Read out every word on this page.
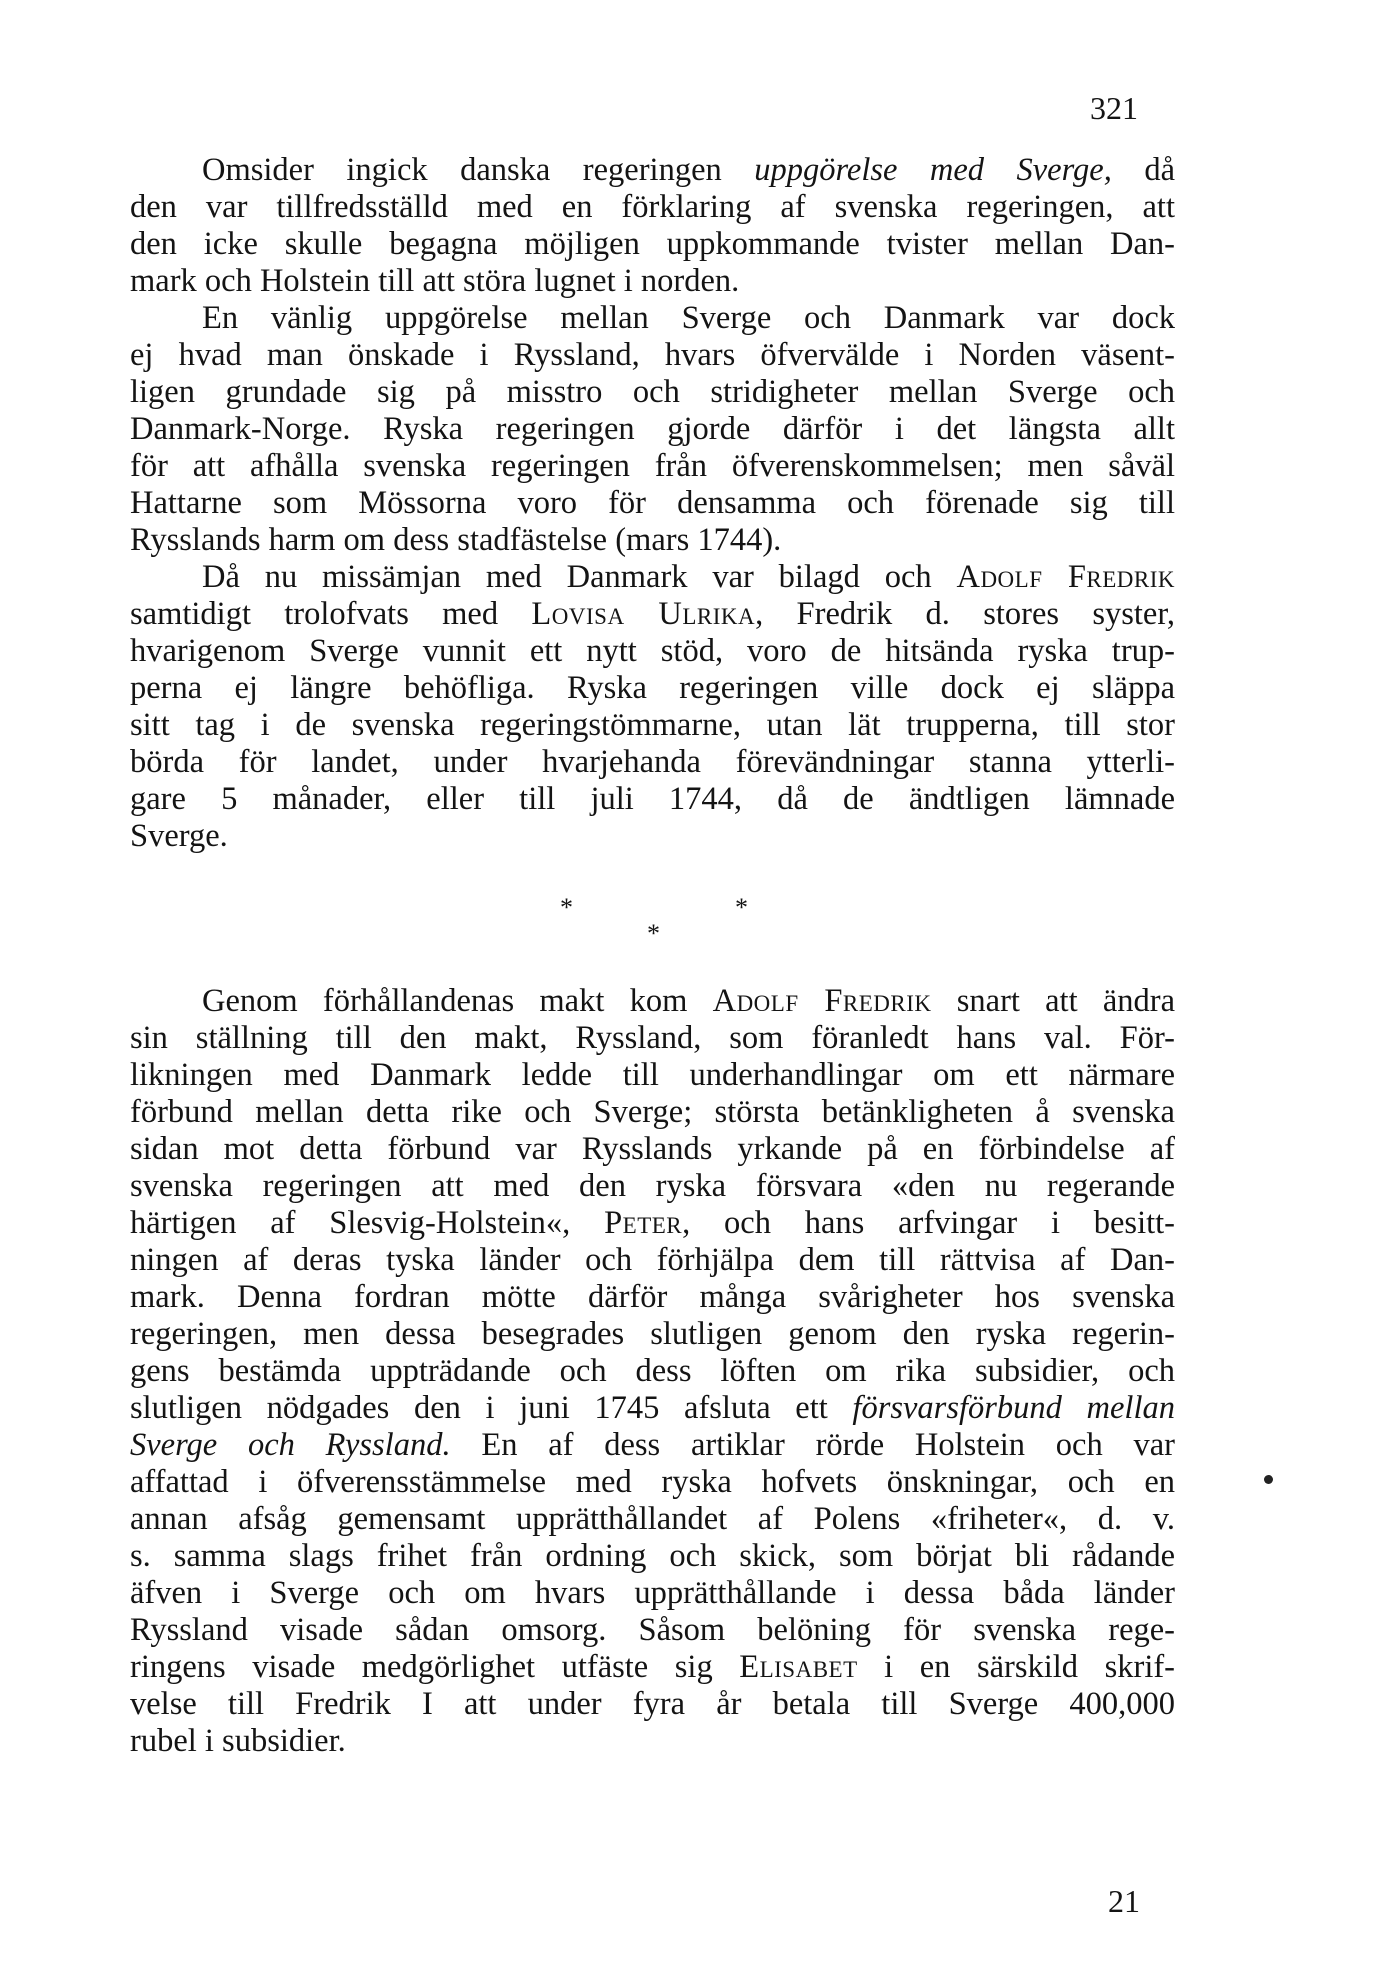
321
Omsider ingick danska regeringen uppgörelse med Sverge, då
den var tillfredsställd med en förklaring af svenska regeringen, att
den icke skulle begagna möjligen uppkommande tvister mellan Dan-
mark och Holstein till att störa lugnet i norden.
En vänlig uppgörelse mellan Sverge och Danmark var dock
ej hvad man önskade i Ryssland, hvars öfvervälde i Norden väsent-
ligen grundade sig på misstro och stridigheter mellan Sverge och
Danmark-Norge. Ryska regeringen gjorde därför i det längsta allt
för att afhålla svenska regeringen från öfverenskommelsen; men såväl
Hattarne som Mössorna voro för densamma och förenade sig till
Rysslands harm om dess stadfästelse (mars 1744).
Då nu missämjan med Danmark var bilagd och Adolf Fredrik
samtidigt trolofvats med Lovisa Ulrika, Fredrik d. stores syster,
hvarigenom Sverge vunnit ett nytt stöd, voro de hitsända ryska trup-
perna ej längre behöfliga. Ryska regeringen ville dock ej släppa
sitt tag i de svenska regeringstömmarne, utan lät trupperna, till stor
börda för landet, under hvarjehanda förevändningar stanna ytterli-
gare 5 månader, eller till juli 1744, då de ändtligen lämnade
Sverge.
*	*
*
Genom förhållandenas makt kom Adolf Fredrik snart att ändra
sin ställning till den makt, Ryssland, som föranledt hans val. För-
likningen med Danmark ledde till underhandlingar om ett närmare
förbund mellan detta rike och Sverge; största betänkligheten å svenska
sidan mot detta förbund var Rysslands yrkande på en förbindelse af
svenska regeringen att med den ryska försvara «den nu regerande
härtigen af Slesvig-Holstein«, Peter, och hans arfvingar i besitt-
ningen af deras tyska länder och förhjälpa dem till rättvisa af Dan-
mark. Denna fordran mötte därför många svårigheter hos svenska
regeringen, men dessa besegrades slutligen genom den ryska regerin-
gens bestämda uppträdande och dess löften om rika subsidier, och
slutligen nödgades den i juni 1745 afsluta ett försvarsförbund mellan
Sverge och Ryssland. En af dess artiklar rörde Holstein och var
affattad i öfverensstämmelse med ryska hofvets önskningar, och en
annan afsåg gemensamt upprätthållandet af Polens «friheter«, d. v.
s. samma slags frihet från ordning och skick, som börjat bli rådande
äfven i Sverge och om hvars upprätthållande i dessa båda länder
Ryssland visade sådan omsorg. Såsom belöning för svenska rege-
ringens visade medgörlighet utfäste sig Elisabet i en särskild skrif-
velse till Fredrik I att under fyra år betala till Sverge 400,000
rubel i subsidier.
21
